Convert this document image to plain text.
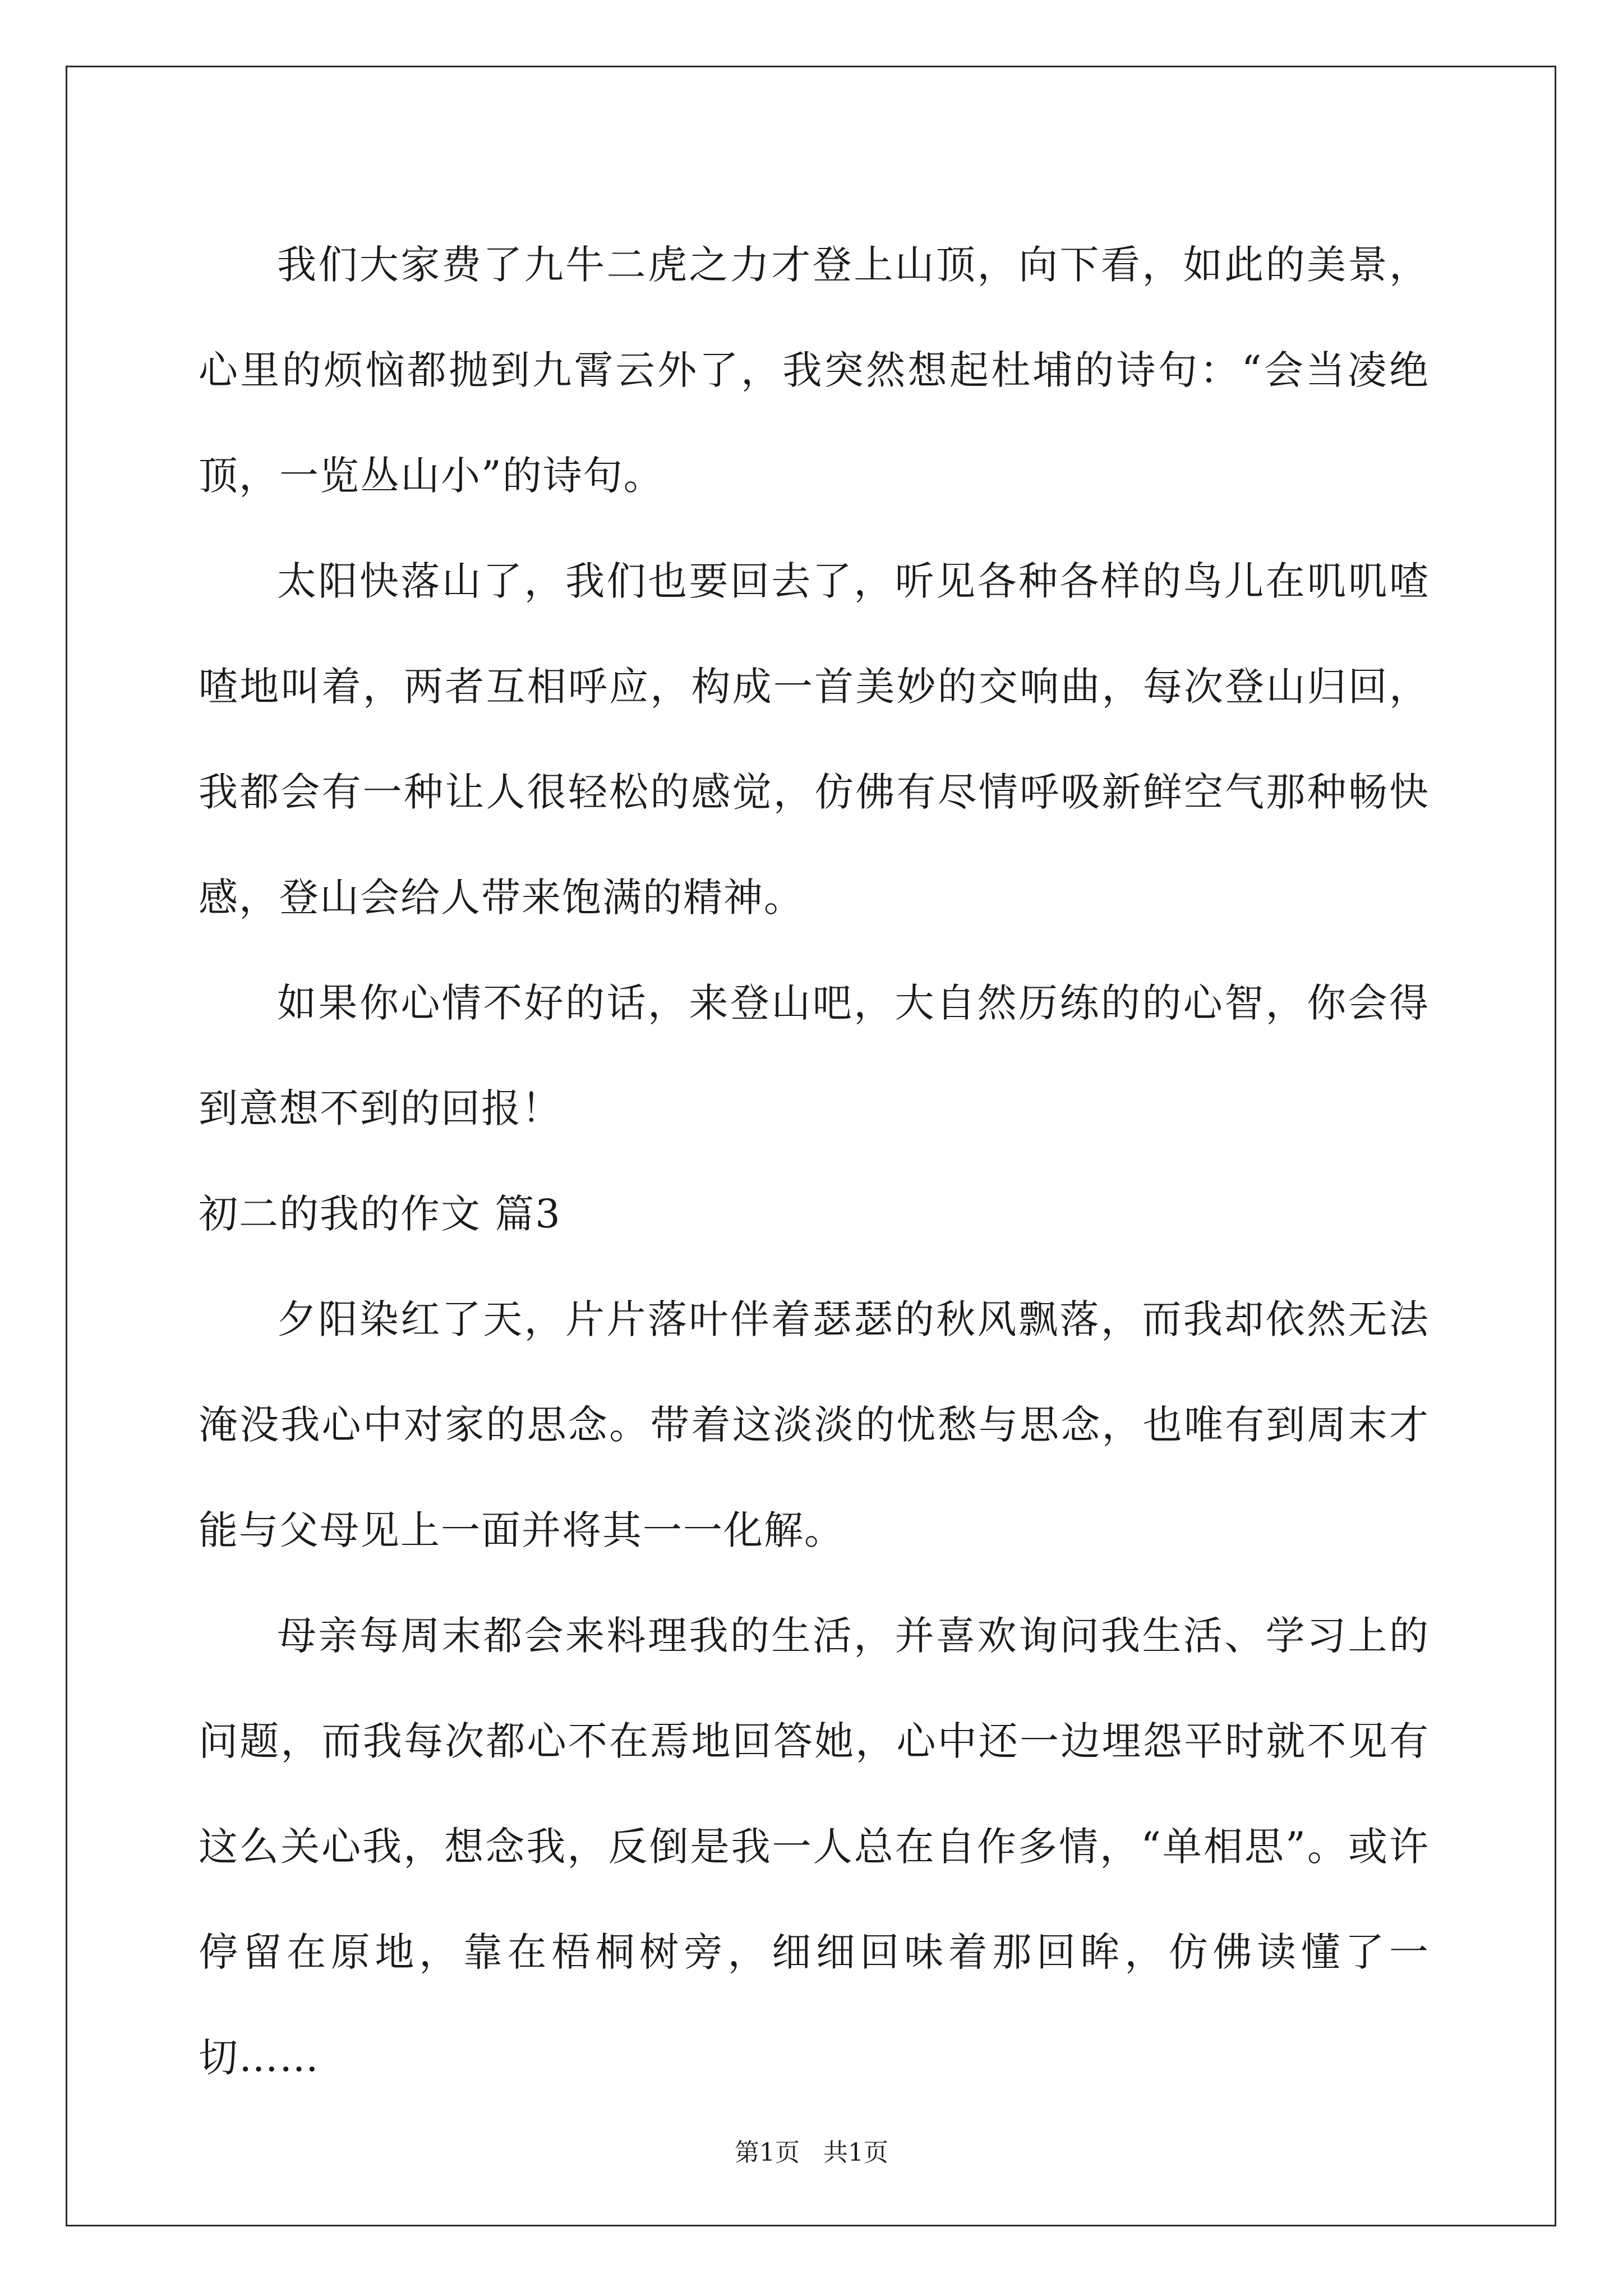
我们大家费了九牛二虎之力才登上山顶，向下看，如此的美景，心里的烦恼都抛到九霄云外了，我突然想起杜埔的诗句：“会当凌绝顶，一览丛山小”的诗句。

太阳快落山了，我们也要回去了，听见各种各样的鸟儿在叽叽喳喳地叫着，两者互相呼应，构成一首美妙的交响曲，每次登山归回，我都会有一种让人很轻松的感觉，仿佛有尽情呼吸新鲜空气那种畅快感，登山会给人带来饱满的精神。

如果你心情不好的话，来登山吧，大自然历练的的心智，你会得到意想不到的回报！

初二的我的作文 篇3

夕阳染红了天，片片落叶伴着瑟瑟的秋风飘落，而我却依然无法淹没我心中对家的思念。带着这淡淡的忧愁与思念，也唯有到周末才能与父母见上一面并将其一一化解。

母亲每周末都会来料理我的生活，并喜欢询问我生活、学习上的问题，而我每次都心不在焉地回答她，心中还一边埋怨平时就不见有这么关心我，想念我，反倒是我一人总在自作多情，“单相思”。或许停留在原地，靠在梧桐树旁，细细回味着那回眸，仿佛读懂了一切……

第1页   共1页
